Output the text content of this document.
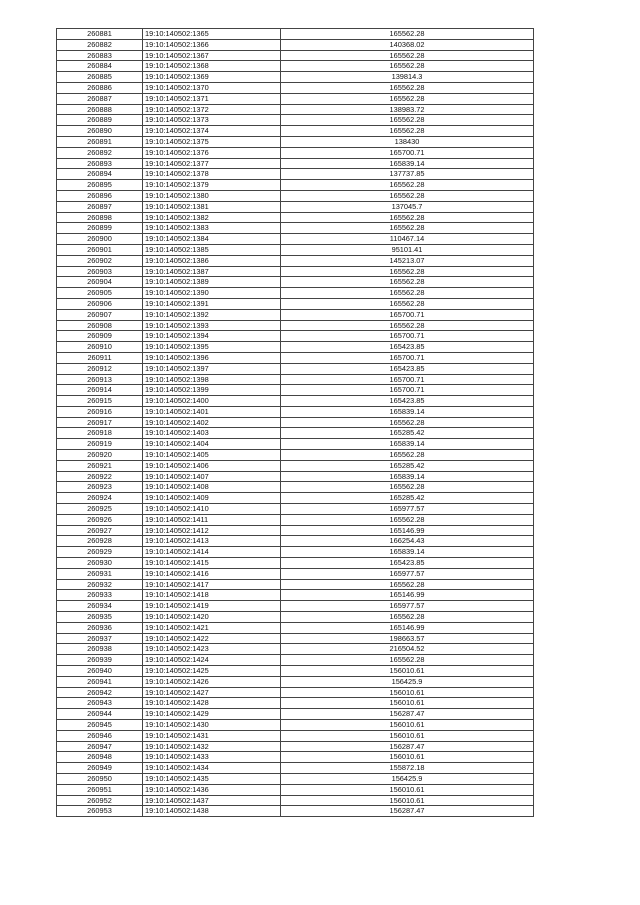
260881	19:10:140502:1365	165562.28
260882	19:10:140502:1366	140368.02
260883	19:10:140502:1367	165562.28
260884	19:10:140502:1368	165562.28
260885	19:10:140502:1369	139814.3
260886	19:10:140502:1370	165562.28
260887	19:10:140502:1371	165562.28
260888	19:10:140502:1372	138983.72
260889	19:10:140502:1373	165562.28
260890	19:10:140502:1374	165562.28
260891	19:10:140502:1375	138430
260892	19:10:140502:1376	165700.71
260893	19:10:140502:1377	165839.14
260894	19:10:140502:1378	137737.85
260895	19:10:140502:1379	165562.28
260896	19:10:140502:1380	165562.28
260897	19:10:140502:1381	137045.7
260898	19:10:140502:1382	165562.28
260899	19:10:140502:1383	165562.28
260900	19:10:140502:1384	110467.14
260901	19:10:140502:1385	95101.41
260902	19:10:140502:1386	145213.07
260903	19:10:140502:1387	165562.28
260904	19:10:140502:1389	165562.28
260905	19:10:140502:1390	165562.28
260906	19:10:140502:1391	165562.28
260907	19:10:140502:1392	165700.71
260908	19:10:140502:1393	165562.28
260909	19:10:140502:1394	165700.71
260910	19:10:140502:1395	165423.85
260911	19:10:140502:1396	165700.71
260912	19:10:140502:1397	165423.85
260913	19:10:140502:1398	165700.71
260914	19:10:140502:1399	165700.71
260915	19:10:140502:1400	165423.85
260916	19:10:140502:1401	165839.14
260917	19:10:140502:1402	165562.28
260918	19:10:140502:1403	165285.42
260919	19:10:140502:1404	165839.14
260920	19:10:140502:1405	165562.28
260921	19:10:140502:1406	165285.42
260922	19:10:140502:1407	165839.14
260923	19:10:140502:1408	165562.28
260924	19:10:140502:1409	165285.42
260925	19:10:140502:1410	165977.57
260926	19:10:140502:1411	165562.28
260927	19:10:140502:1412	165146.99
260928	19:10:140502:1413	166254.43
260929	19:10:140502:1414	165839.14
260930	19:10:140502:1415	165423.85
260931	19:10:140502:1416	165977.57
260932	19:10:140502:1417	165562.28
260933	19:10:140502:1418	165146.99
260934	19:10:140502:1419	165977.57
260935	19:10:140502:1420	165562.28
260936	19:10:140502:1421	165146.99
260937	19:10:140502:1422	198663.57
260938	19:10:140502:1423	216504.52
260939	19:10:140502:1424	165562.28
260940	19:10:140502:1425	156010.61
260941	19:10:140502:1426	156425.9
260942	19:10:140502:1427	156010.61
260943	19:10:140502:1428	156010.61
260944	19:10:140502:1429	156287.47
260945	19:10:140502:1430	156010.61
260946	19:10:140502:1431	156010.61
260947	19:10:140502:1432	156287.47
260948	19:10:140502:1433	156010.61
260949	19:10:140502:1434	155872.18
260950	19:10:140502:1435	156425.9
260951	19:10:140502:1436	156010.61
260952	19:10:140502:1437	156010.61
260953	19:10:140502:1438	156287.47
